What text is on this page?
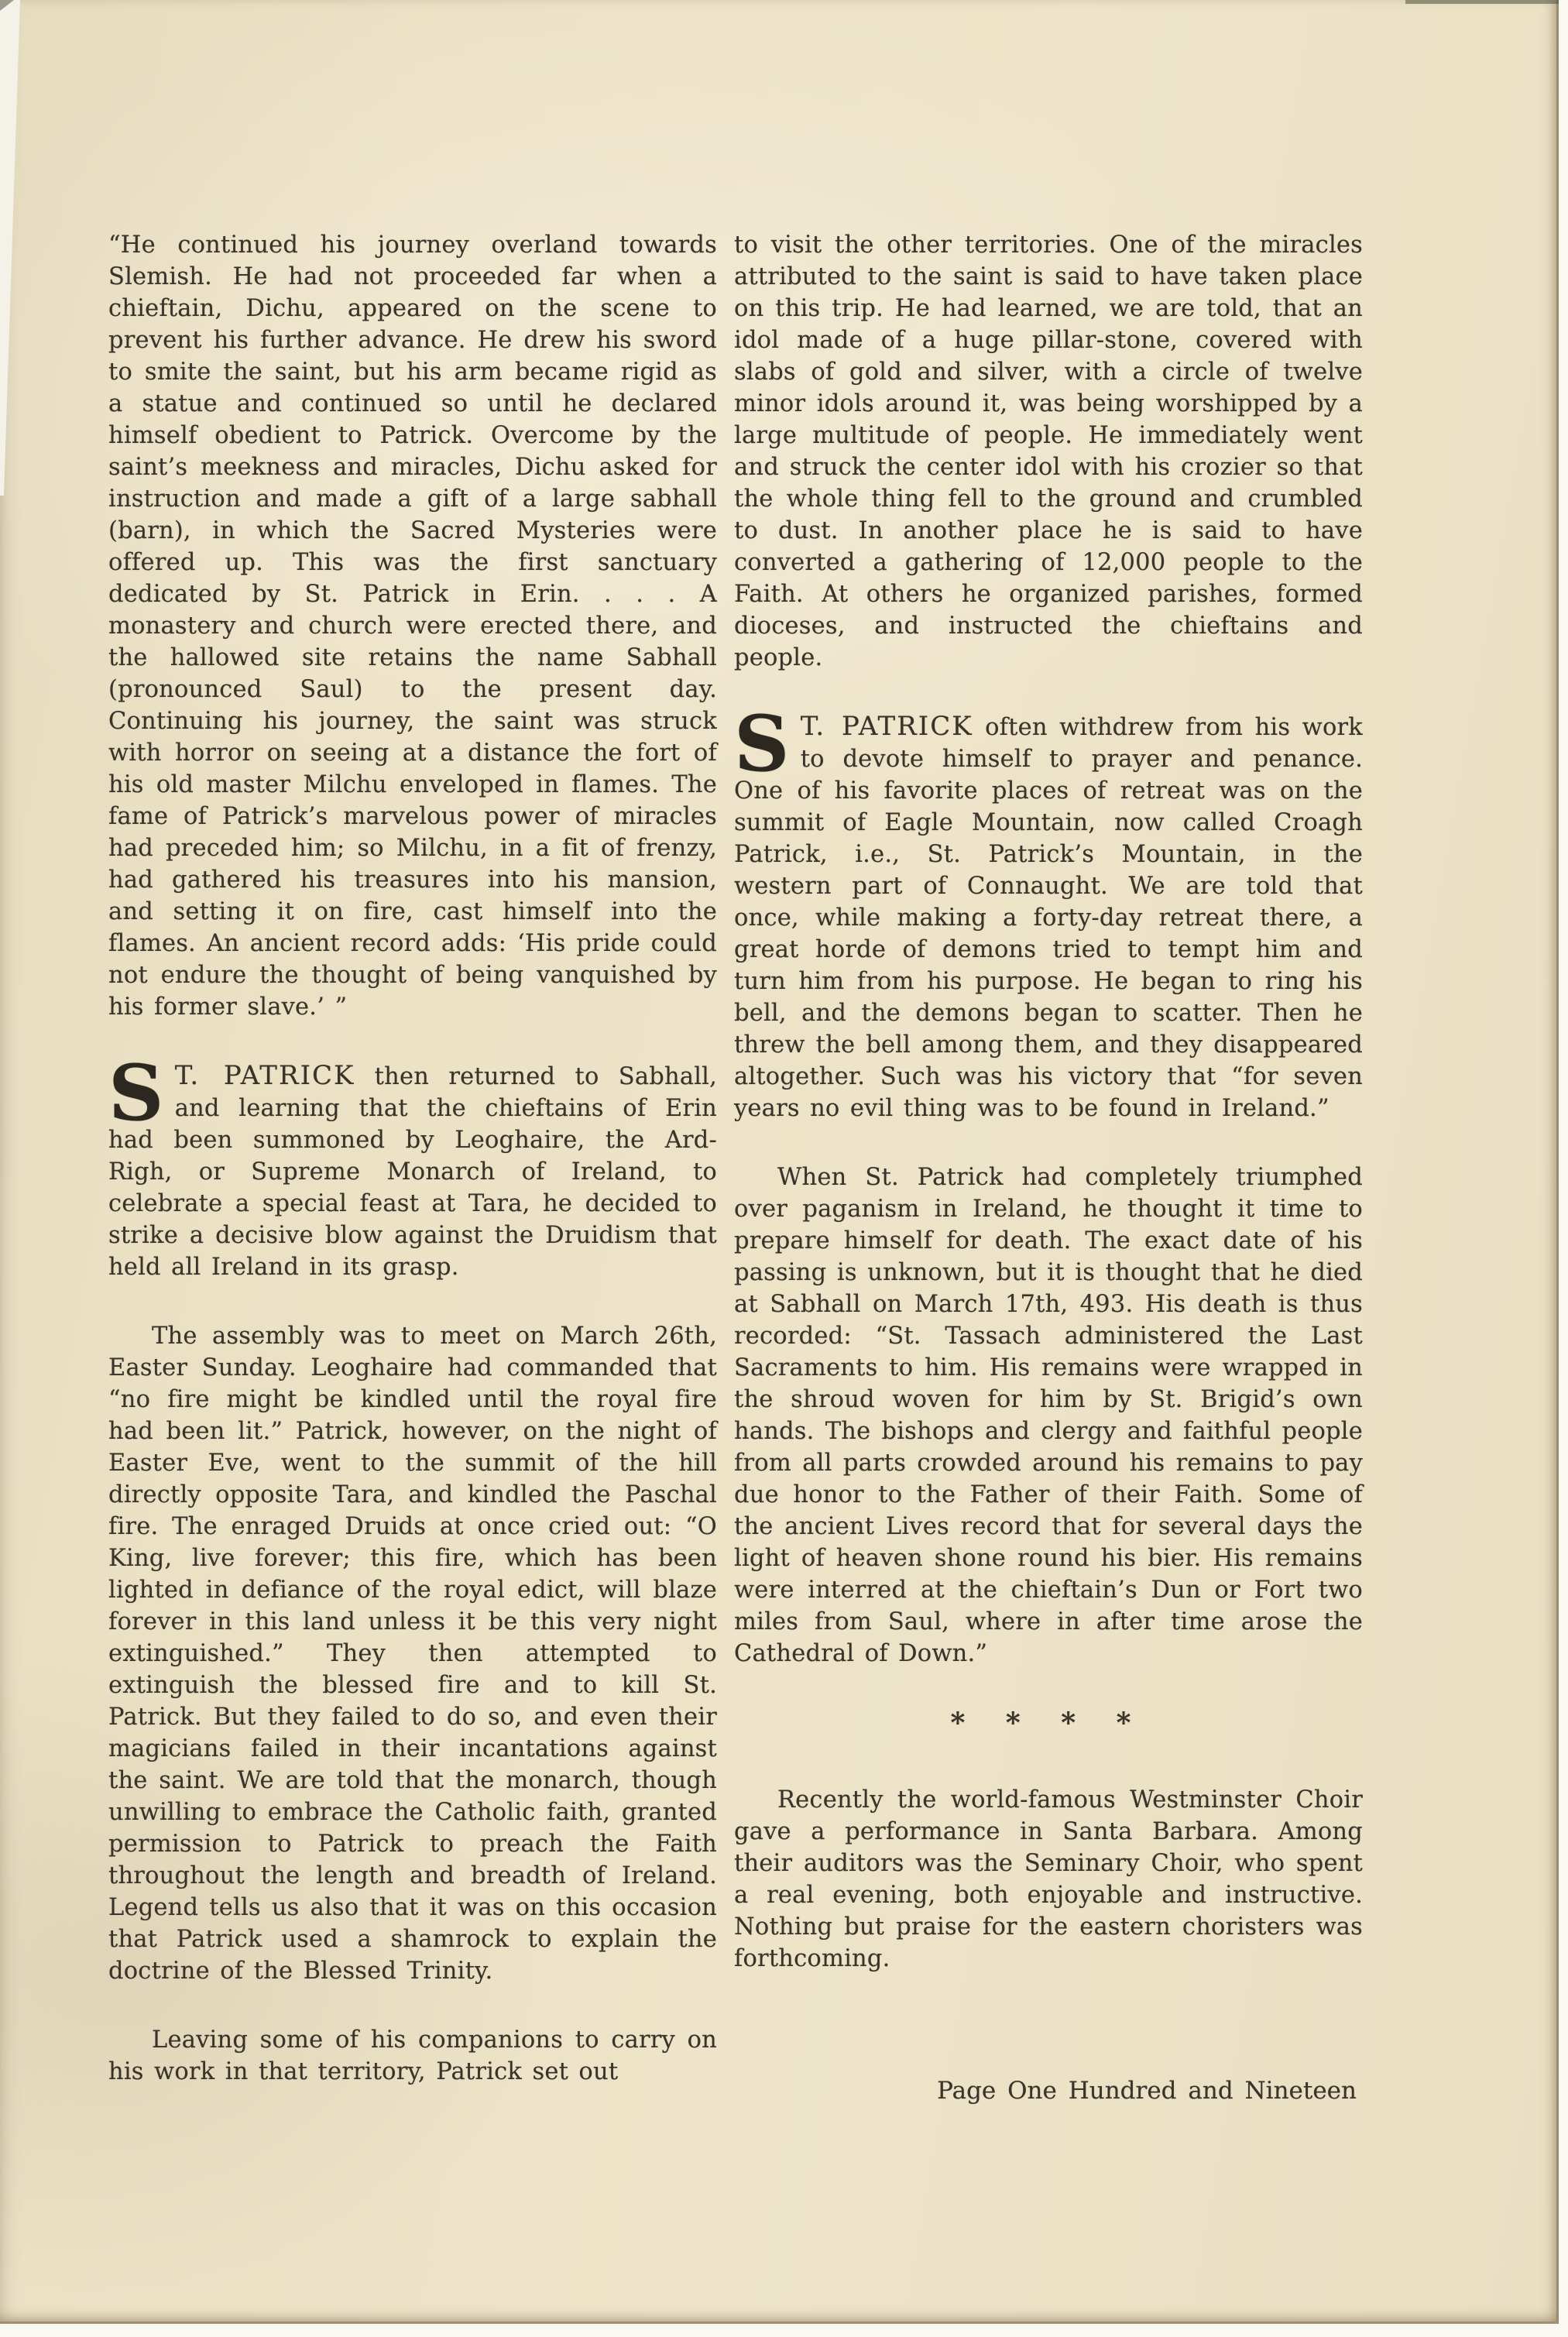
“He continued his journey overland towards Slemish. He had not proceeded far when a chieftain, Dichu, appeared on the scene to prevent his further advance. He drew his sword to smite the saint, but his arm became rigid as a statue and continued so until he declared himself obedient to Patrick. Overcome by the saint’s meekness and miracles, Dichu asked for instruction and made a gift of a large sabhall (barn), in which the Sacred Mysteries were offered up. This was the first sanctuary dedicated by St. Patrick in Erin. . . . A monastery and church were erected there, and the hallowed site retains the name Sabhall (pronounced Saul) to the present day. Continuing his journey, the saint was struck with horror on seeing at a distance the fort of his old master Milchu enveloped in flames. The fame of Patrick’s marvelous power of miracles had preceded him; so Milchu, in a fit of frenzy, had gathered his treasures into his mansion, and setting it on fire, cast himself into the flames. An ancient record adds: ‘His pride could not endure the thought of being vanquished by his former slave.’ ”

S T. PATRICK then returned to Sabhall, and learning that the chieftains of Erin had been summoned by Leoghaire, the Ard-Righ, or Supreme Monarch of Ireland, to celebrate a special feast at Tara, he decided to strike a decisive blow against the Druidism that held all Ireland in its grasp.

The assembly was to meet on March 26th, Easter Sunday. Leoghaire had commanded that “no fire might be kindled until the royal fire had been lit.” Patrick, however, on the night of Easter Eve, went to the summit of the hill directly opposite Tara, and kindled the Paschal fire. The enraged Druids at once cried out: “O King, live forever; this fire, which has been lighted in defiance of the royal edict, will blaze forever in this land unless it be this very night extinguished.” They then attempted to extinguish the blessed fire and to kill St. Patrick. But they failed to do so, and even their magicians failed in their incantations against the saint. We are told that the monarch, though unwilling to embrace the Catholic faith, granted permission to Patrick to preach the Faith throughout the length and breadth of Ireland. Legend tells us also that it was on this occasion that Patrick used a shamrock to explain the doctrine of the Blessed Trinity.

Leaving some of his companions to carry on his work in that territory, Patrick set out

to visit the other territories. One of the miracles attributed to the saint is said to have taken place on this trip. He had learned, we are told, that an idol made of a huge pillar-stone, covered with slabs of gold and silver, with a circle of twelve minor idols around it, was being worshipped by a large multitude of people. He immediately went and struck the center idol with his crozier so that the whole thing fell to the ground and crumbled to dust. In another place he is said to have converted a gathering of 12,000 people to the Faith. At others he organized parishes, formed dioceses, and instructed the chieftains and people.

S T. PATRICK often withdrew from his work to devote himself to prayer and penance. One of his favorite places of retreat was on the summit of Eagle Mountain, now called Croagh Patrick, i.e., St. Patrick’s Mountain, in the western part of Connaught. We are told that once, while making a forty-day retreat there, a great horde of demons tried to tempt him and turn him from his purpose. He began to ring his bell, and the demons began to scatter. Then he threw the bell among them, and they disappeared altogether. Such was his victory that “for seven years no evil thing was to be found in Ireland.”

When St. Patrick had completely triumphed over paganism in Ireland, he thought it time to prepare himself for death. The exact date of his passing is unknown, but it is thought that he died at Sabhall on March 17th, 493. His death is thus recorded: “St. Tassach administered the Last Sacraments to him. His remains were wrapped in the shroud woven for him by St. Brigid’s own hands. The bishops and clergy and faithful people from all parts crowded around his remains to pay due honor to the Father of their Faith. Some of the ancient Lives record that for several days the light of heaven shone round his bier. His remains were interred at the chieftain’s Dun or Fort two miles from Saul, where in after time arose the Cathedral of Down.”

* * * *

Recently the world-famous Westminster Choir gave a performance in Santa Barbara. Among their auditors was the Seminary Choir, who spent a real evening, both enjoyable and instructive. Nothing but praise for the eastern choristers was forthcoming.

Page One Hundred and Nineteen
